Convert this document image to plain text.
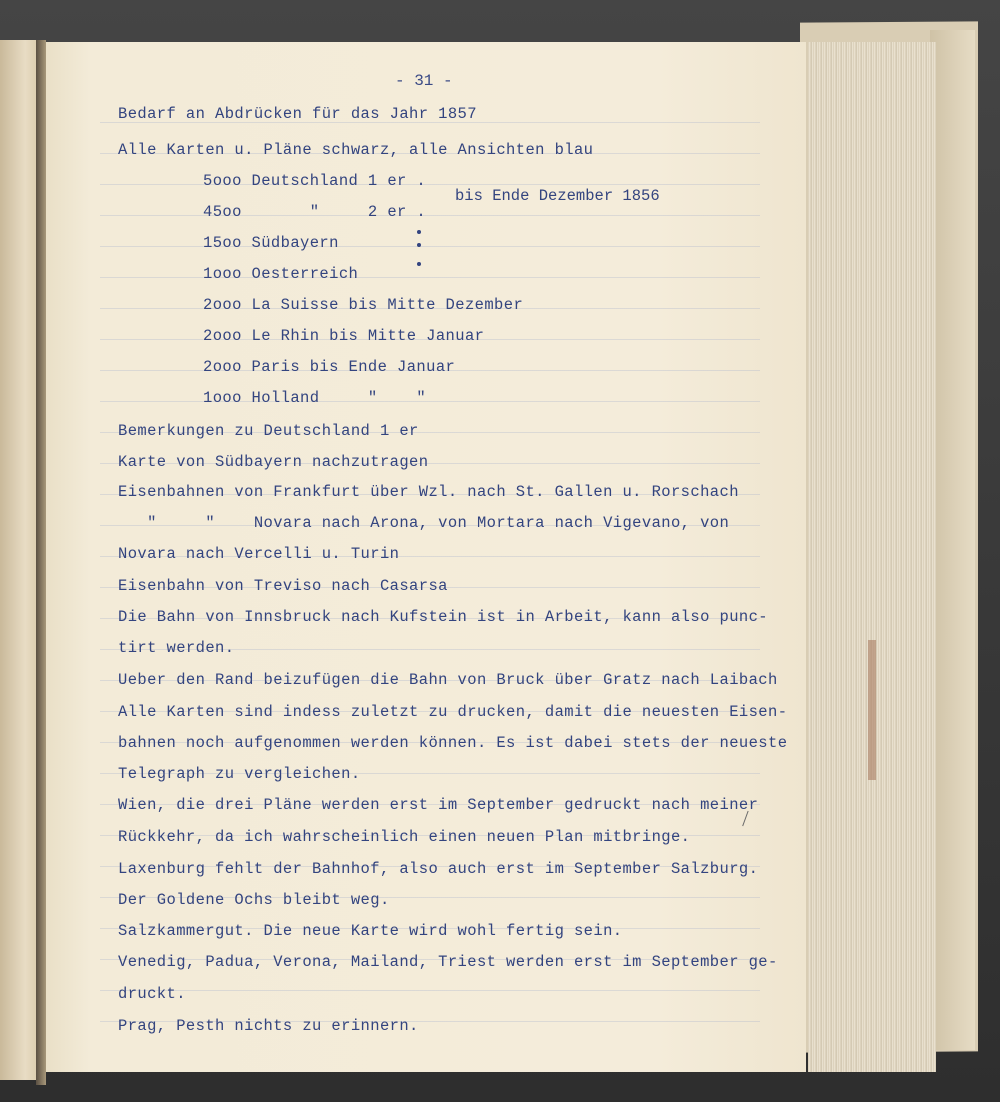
- 31 -
Bedarf an Abdrücken für das Jahr 1857
Alle Karten u. Pläne schwarz, alle Ansichten blau
5ooo Deutschland 1 er .
45oo       "     2 er .
15oo Südbayern
1ooo Oesterreich
2ooo La Suisse bis Mitte Dezember
2ooo Le Rhin bis Mitte Januar
2ooo Paris bis Ende Januar
1ooo Holland     "    "
bis Ende Dezember 1856
Bemerkungen zu Deutschland 1 er
Karte von Südbayern nachzutragen
Eisenbahnen von Frankfurt über Wzl. nach St. Gallen u. Rorschach
"     "    Novara nach Arona, von Mortara nach Vigevano, von
Novara nach Vercelli u. Turin
Eisenbahn von Treviso nach Casarsa
Die Bahn von Innsbruck nach Kufstein ist in Arbeit, kann also punc-
tirt werden.
Ueber den Rand beizufügen die Bahn von Bruck über Gratz nach Laibach
Alle Karten sind indess zuletzt zu drucken, damit die neuesten Eisen-
bahnen noch aufgenommen werden können. Es ist dabei stets der neueste
Telegraph zu vergleichen.
Wien, die drei Pläne werden erst im September gedruckt nach meiner
Rückkehr, da ich wahrscheinlich einen neuen Plan mitbringe.
Laxenburg fehlt der Bahnhof, also auch erst im September Salzburg.
Der Goldene Ochs bleibt weg.
Salzkammergut. Die neue Karte wird wohl fertig sein.
Venedig, Padua, Verona, Mailand, Triest werden erst im September ge-
druckt.
Prag, Pesth nichts zu erinnern.
